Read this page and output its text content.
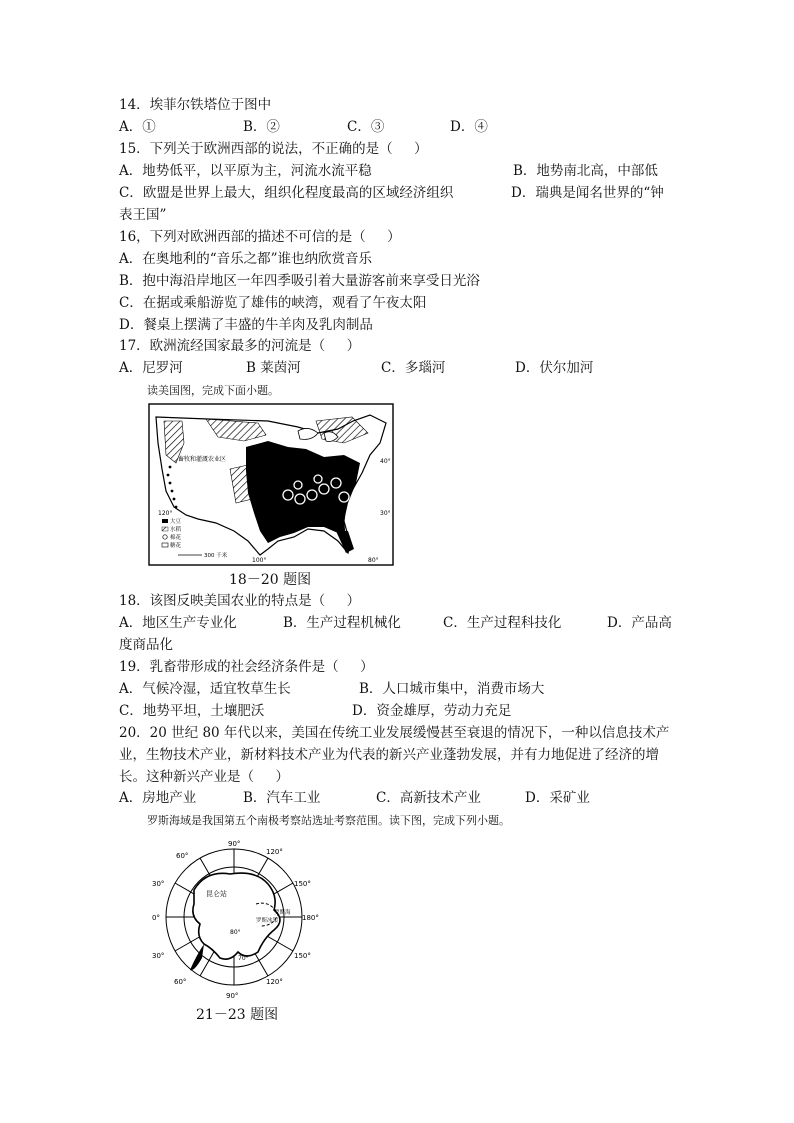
14．埃菲尔铁塔位于图中
A．①	B．②	C．③	D．④
15．下列关于欧洲西部的说法，不正确的是（     ）
A．地势低平，以平原为主，河流水流平稳	B．地势南北高，中部低
C．欧盟是世界上最大，组织化程度最高的区域经济组织	D．瑞典是闻名世界的“钟
表王国”
16，下列对欧洲西部的描述不可信的是（     ）
A．在奥地利的“音乐之都”谁也纳欣赏音乐
B．抱中海沿岸地区一年四季吸引着大量游客前来享受日光浴
C．在据或乘船游览了雄伟的峡湾，观看了午夜太阳
D．餐桌上摆满了丰盛的牛羊肉及乳肉制品
17．欧洲流经国家最多的河流是（     ）
A．尼罗河	B 莱茵河	C．多瑙河	D．伏尔加河
读美国图，完成下面小题。
畜牧和灌溉农业区
大豆
水稻
棉花
糖花
300 千米
120°
100°	80°
40°
30°
18－20 题图
18．该图反映美国农业的特点是（     ）
A．地区生产专业化	B．生产过程机械化	C．生产过程科技化	D．产品高
度商品化
19．乳畜带形成的社会经济条件是（     ）
A．气候冷湿，适宜牧草生长	B．人口城市集中，消费市场大
C．地势平坦，土壤肥沃	D．资金雄厚，劳动力充足
20．20 世纪 80 年代以来，美国在传统工业发展缓慢甚至衰退的情况下，一种以信息技术产
业，生物技术产业，新材料技术产业为代表的新兴产业蓬勃发展，并有力地促进了经济的增
长。这种新兴产业是（     ）
A．房地产业	B．汽车工业	C．高新技术产业	D．采矿业
罗斯海域是我国第五个南极考察站选址考察范围。读下图，完成下列小题。
昆仑站
罗斯海
罗斯冰架
90°
120°
60°
30°
0°
30°
60°
150°
180°
150°
90°
120°
80°
70°
21－23 题图
